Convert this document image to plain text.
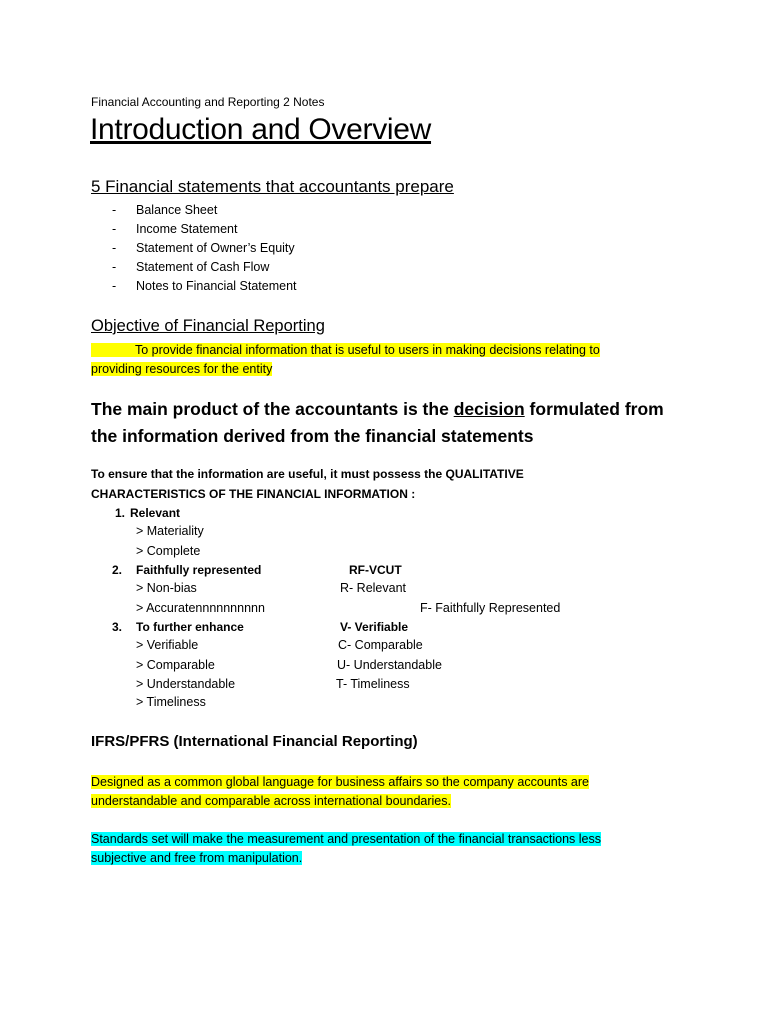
Financial Accounting and Reporting 2 Notes
Introduction and Overview
5 Financial statements that accountants prepare
- Balance Sheet
- Income Statement
- Statement of Owner’s Equity
- Statement of Cash Flow
- Notes to Financial Statement
Objective of Financial Reporting
To provide financial information that is useful to users in making decisions relating to
providing resources for the entity
The main product of the accountants is the decision formulated from
the information derived from the financial statements
To ensure that the information are useful, it must possess the QUALITATIVE
CHARACTERISTICS OF THE FINANCIAL INFORMATION :
1. Relevant
> Materiality
> Complete
2. Faithfully represented	RF-VCUT
> Non-bias	R- Relevant
> Accuratennnnnnnnnn	F- Faithfully Represented
3. To further enhance	V- Verifiable
> Verifiable	C- Comparable
> Comparable	U- Understandable
> Understandable	T- Timeliness
> Timeliness
IFRS/PFRS (International Financial Reporting)
Designed as a common global language for business affairs so the company accounts are
understandable and comparable across international boundaries.
Standards set will make the measurement and presentation of the financial transactions less
subjective and free from manipulation.
